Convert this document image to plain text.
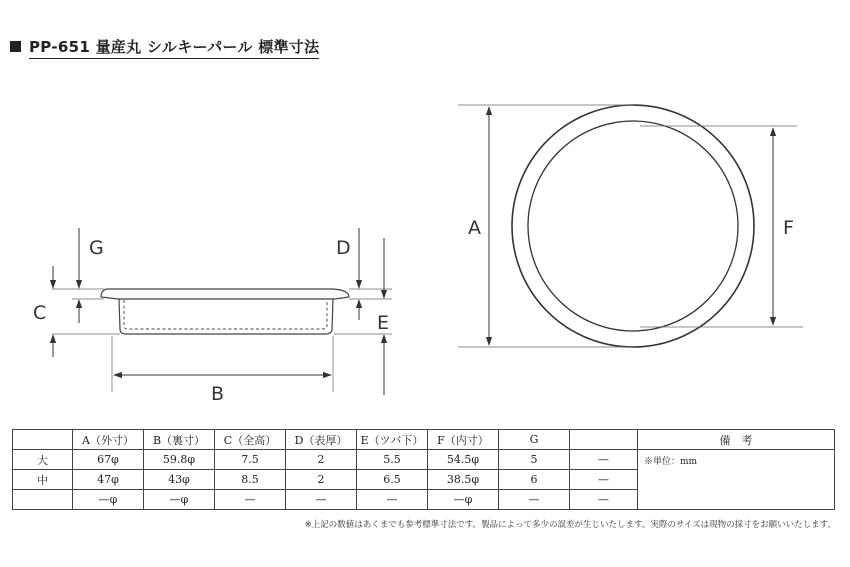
PP-651 量産丸 シルキーパール 標準寸法
G
C
D
E
B
A	F
	A（外寸）	B（裏寸）	C（全高）	D（表厚）	E（ツバ下）	F（内寸）	G		備　考
大	67φ	59.8φ	7.5	2	5.5	54.5φ	5	—	※単位：mm
中	47φ	43φ	8.5	2	6.5	38.5φ	6	—	
	—φ	—φ	—	—	—	—φ	—	—	
※上記の数値はあくまでも参考標準寸法です。製品によって多少の誤差が生じいたします。実際のサイズは現物の採寸をお願いいたします。
